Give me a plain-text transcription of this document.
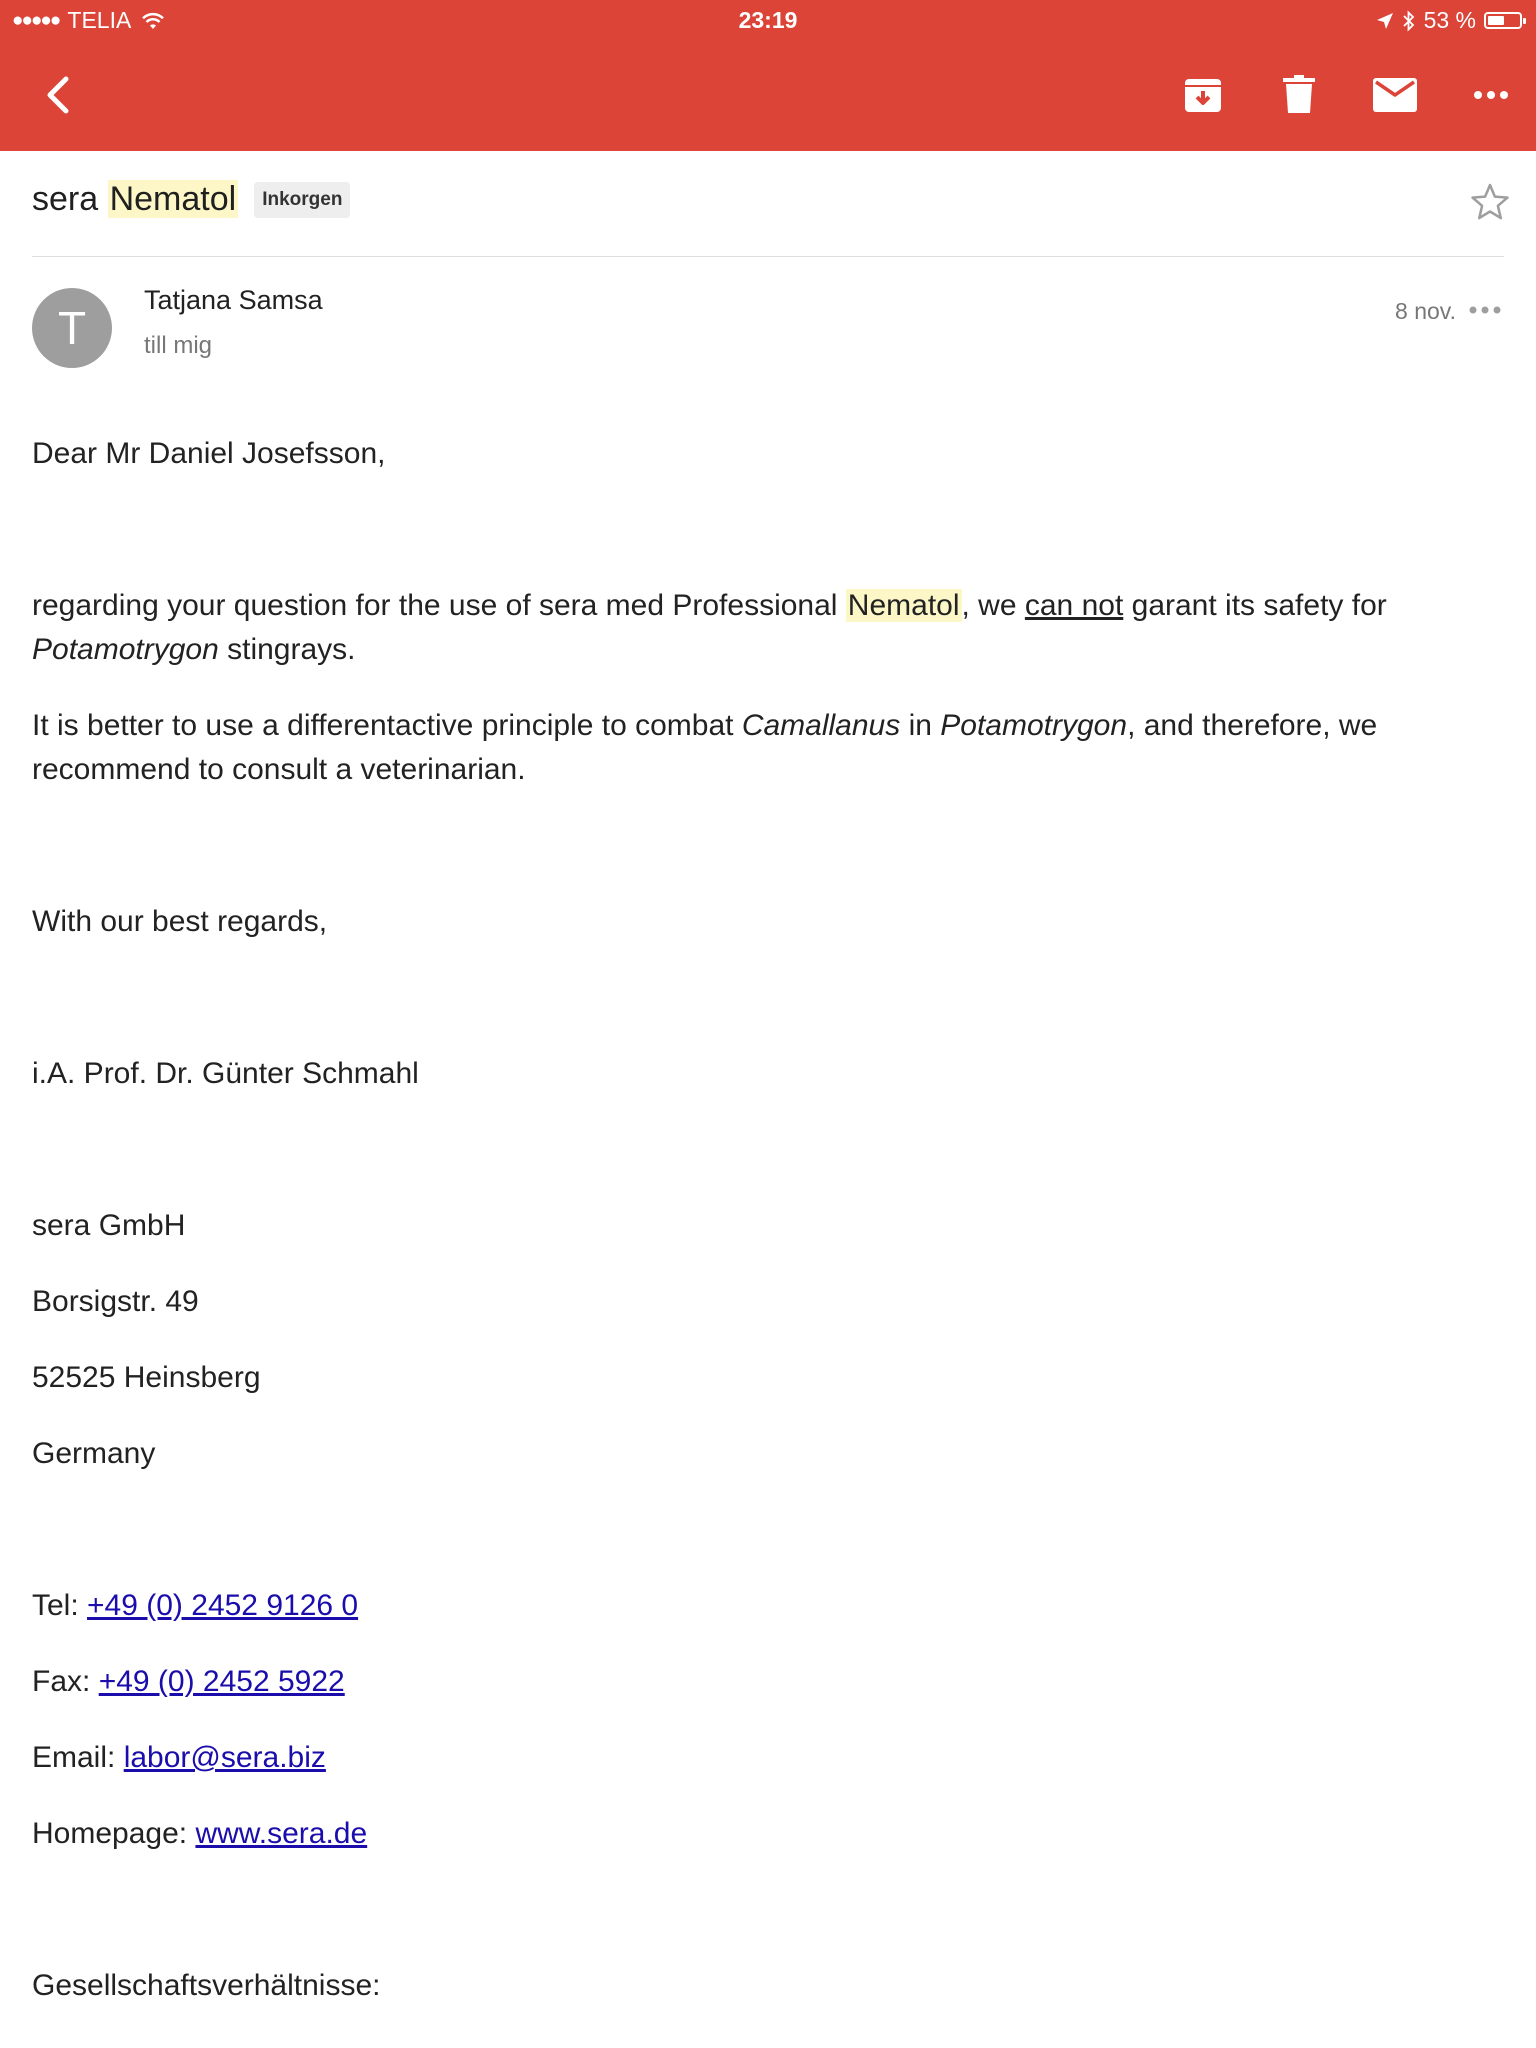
●●●●● TELIA	23:19	53 %
sera Nematol	Inkorgen
T
Tatjana Samsa
till mig
8 nov.
Dear Mr Daniel Josefsson,
regarding your question for the use of sera med Professional Nematol, we can not garant its safety for Potamotrygon stingrays.
It is better to use a differentactive principle to combat Camallanus in Potamotrygon, and therefore, we recommend to consult a veterinarian.
With our best regards,
i.A. Prof. Dr. Günter Schmahl
sera GmbH
Borsigstr. 49
52525 Heinsberg
Germany
Tel: +49 (0) 2452 9126 0
Fax: +49 (0) 2452 5922
Email: labor@sera.biz
Homepage: www.sera.de
Gesellschaftsverhältnisse:
